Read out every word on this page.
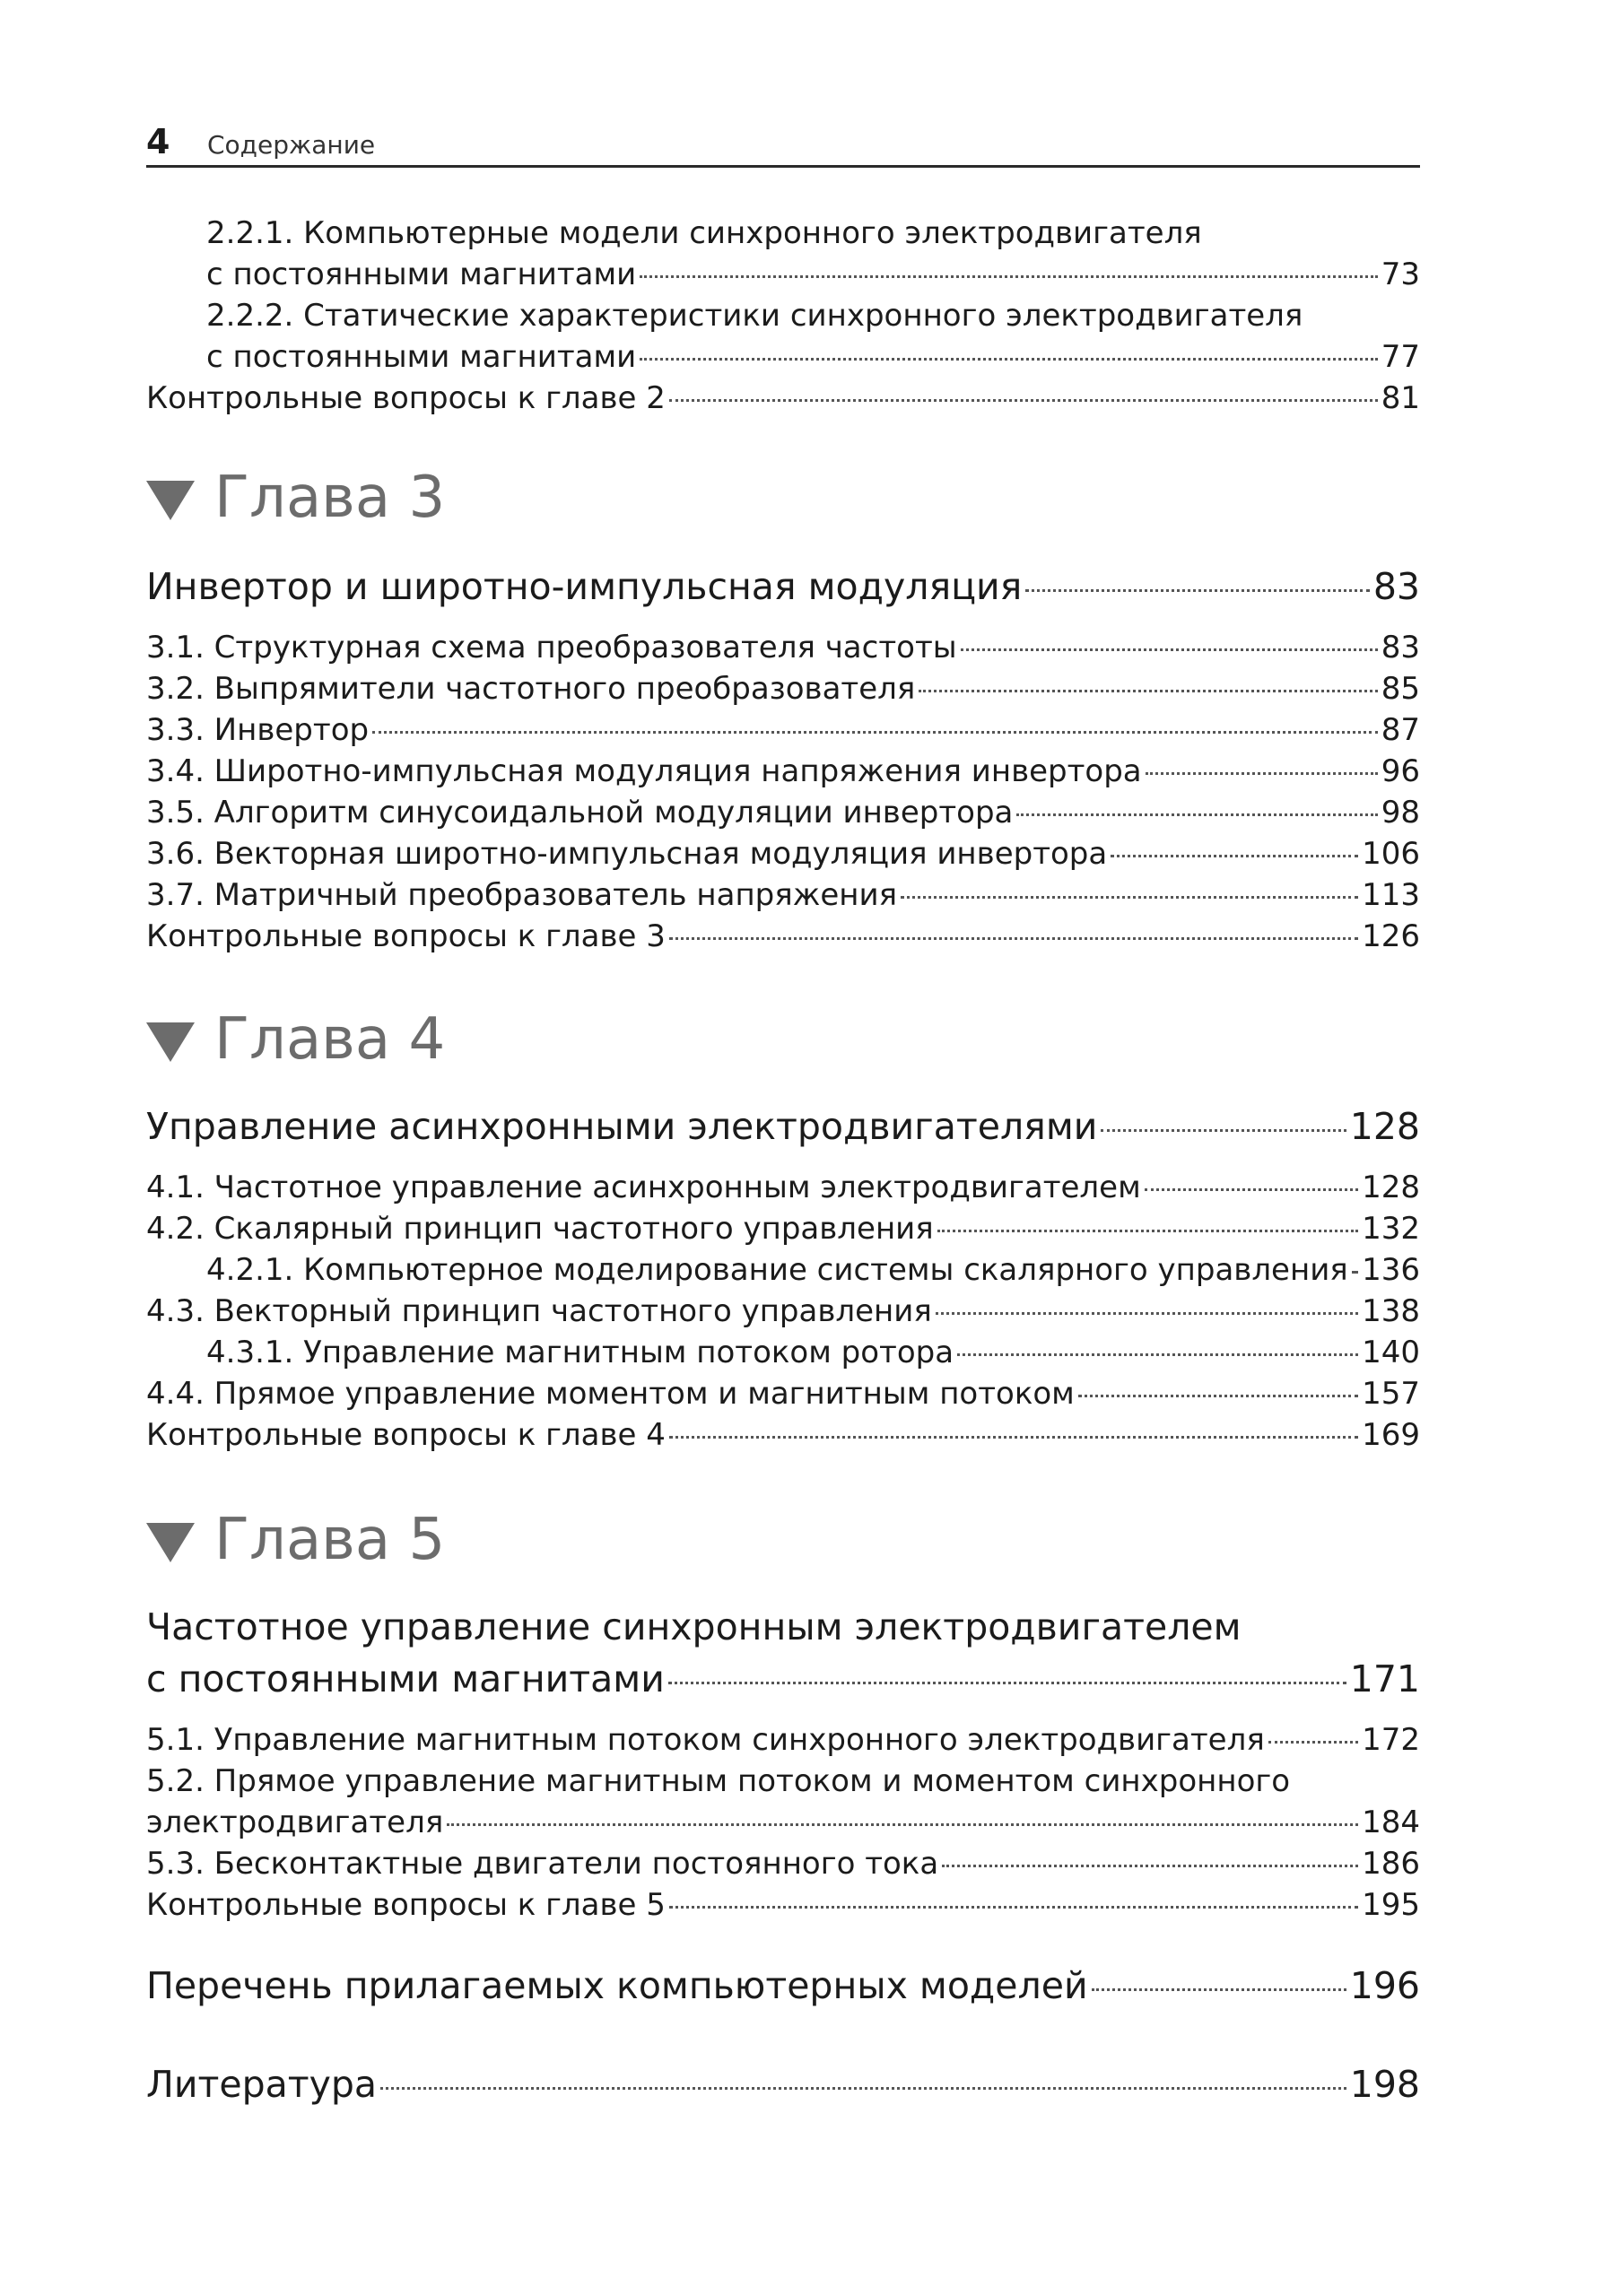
4 Содержание
2.2.1. Компьютерные модели синхронного электродвигателя
с постоянными магнитами	73
2.2.2. Статические характеристики синхронного электродвигателя
с постоянными магнитами	77
Контрольные вопросы к главе 2	81
Глава 3
Инвертор и широтно-импульсная модуляция	83
3.1. Структурная схема преобразователя частоты	83
3.2. Выпрямители частотного преобразователя	85
3.3. Инвертор	87
3.4. Широтно-импульсная модуляция напряжения инвертора	96
3.5. Алгоритм синусоидальной модуляции инвертора	98
3.6. Векторная широтно-импульсная модуляция инвертора	106
3.7. Матричный преобразователь напряжения	113
Контрольные вопросы к главе 3	126
Глава 4
Управление асинхронными электродвигателями	128
4.1. Частотное управление асинхронным электродвигателем	128
4.2. Скалярный принцип частотного управления	132
4.2.1. Компьютерное моделирование системы скалярного управления 136
4.3. Векторный принцип частотного управления	138
4.3.1. Управление магнитным потоком ротора	140
4.4. Прямое управление моментом и магнитным потоком	157
Контрольные вопросы к главе 4	169
Глава 5
Частотное управление синхронным электродвигателем
с постоянными магнитами	171
5.1. Управление магнитным потоком синхронного электродвигателя	172
5.2. Прямое управление магнитным потоком и моментом синхронного
электродвигателя	184
5.3. Бесконтактные двигатели постоянного тока	186
Контрольные вопросы к главе 5	195
Перечень прилагаемых компьютерных моделей	196
Литература	198
